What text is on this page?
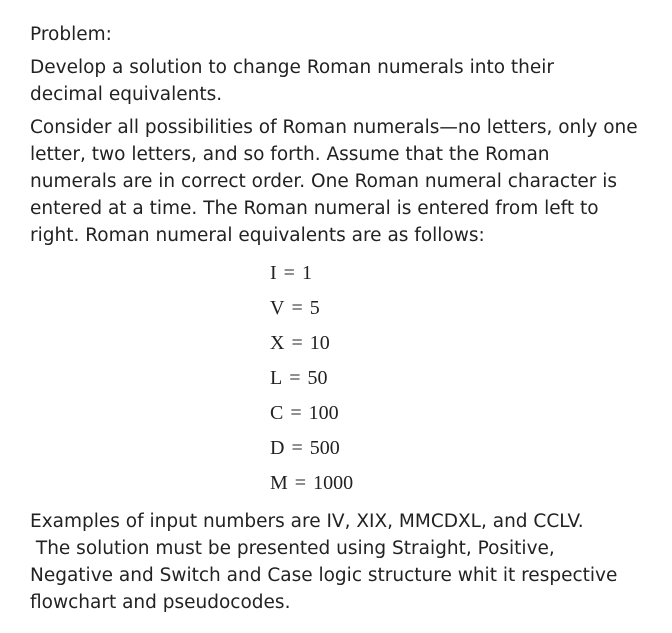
Problem:

Develop a solution to change Roman numerals into their decimal equivalents.

Consider all possibilities of Roman numerals—no letters, only one letter, two letters, and so forth. Assume that the Roman numerals are in correct order. One Roman numeral character is entered at a time. The Roman numeral is entered from left to right. Roman numeral equivalents are as follows:

I = 1
V = 5
X = 10
L = 50
C = 100
D = 500
M = 1000

Examples of input numbers are IV, XIX, MMCDXL, and CCLV.

The solution must be presented using Straight, Positive, Negative and Switch and Case logic structure whit it respective flowchart and pseudocodes.
